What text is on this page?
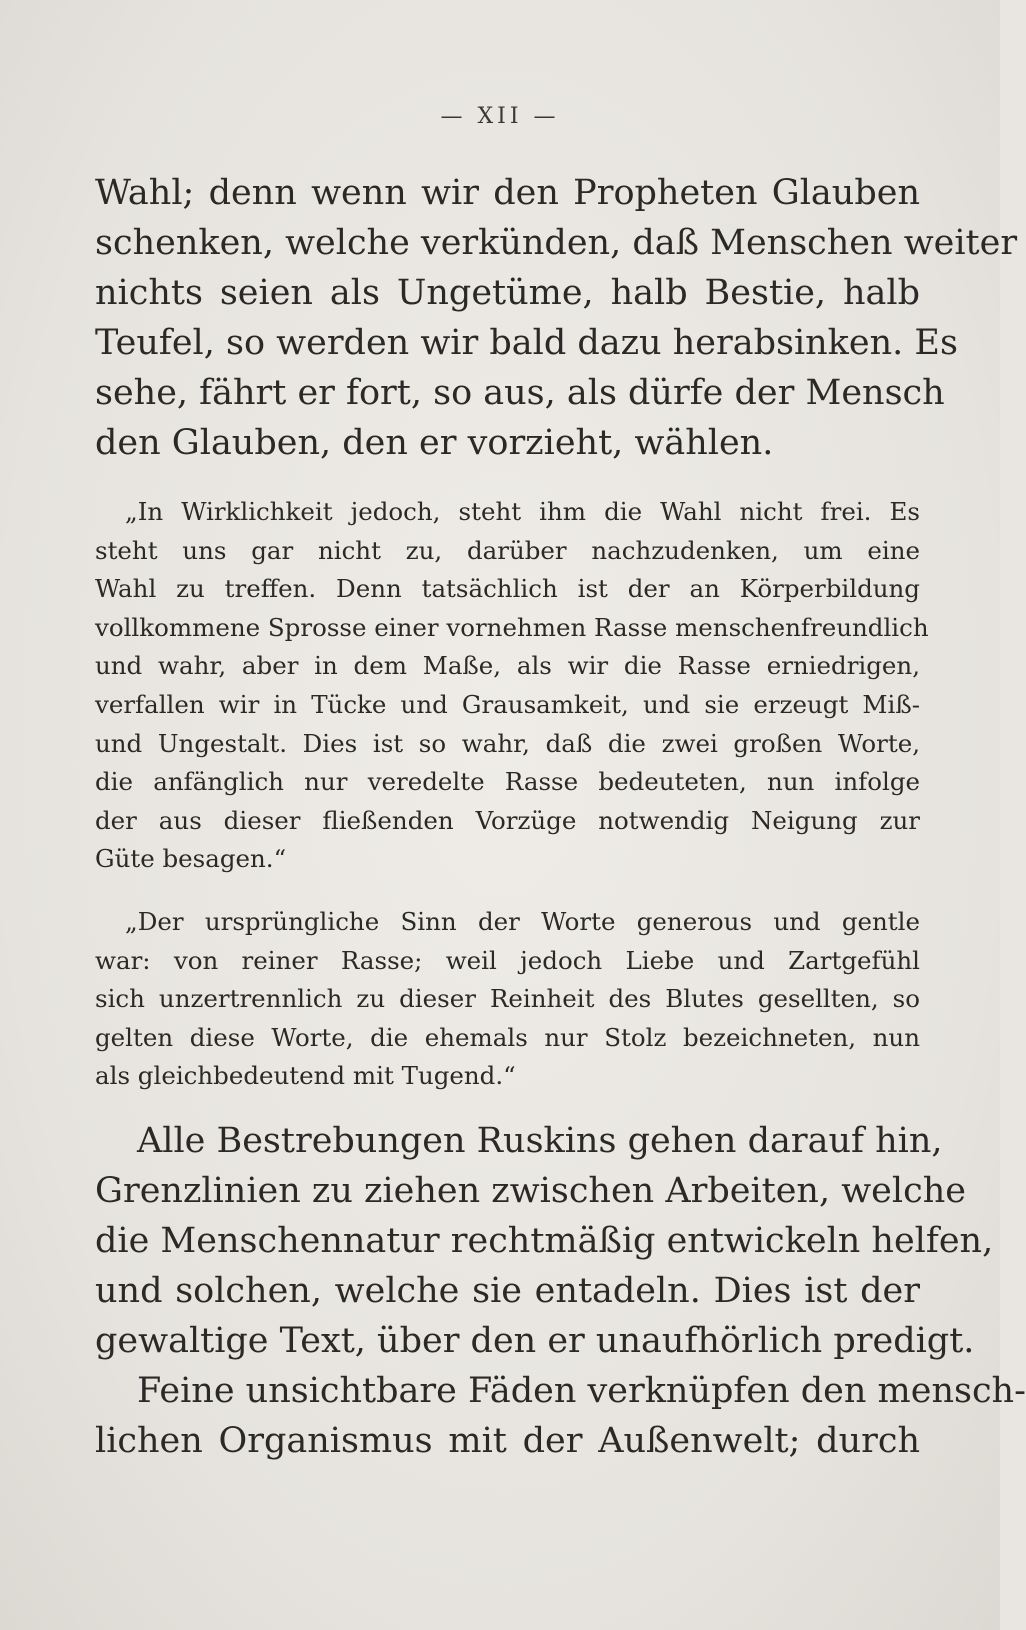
— XII —
Wahl; denn wenn wir den Propheten Glauben
schenken, welche verkünden, daß Menschen weiter
nichts seien als Ungetüme, halb Bestie, halb
Teufel, so werden wir bald dazu herabsinken. Es
sehe, fährt er fort, so aus, als dürfe der Mensch
den Glauben, den er vorzieht, wählen.
„In Wirklichkeit jedoch, steht ihm die Wahl nicht frei. Es
steht uns gar nicht zu, darüber nachzudenken, um eine
Wahl zu treffen. Denn tatsächlich ist der an Körperbildung
vollkommene Sprosse einer vornehmen Rasse menschenfreundlich
und wahr, aber in dem Maße, als wir die Rasse erniedrigen,
verfallen wir in Tücke und Grausamkeit, und sie erzeugt Miß-
und Ungestalt. Dies ist so wahr, daß die zwei großen Worte,
die anfänglich nur veredelte Rasse bedeuteten, nun infolge
der aus dieser fließenden Vorzüge notwendig Neigung zur
Güte besagen.“
„Der ursprüngliche Sinn der Worte generous und gentle
war: von reiner Rasse; weil jedoch Liebe und Zartgefühl
sich unzertrennlich zu dieser Reinheit des Blutes gesellten, so
gelten diese Worte, die ehemals nur Stolz bezeichneten, nun
als gleichbedeutend mit Tugend.“
Alle Bestrebungen Ruskins gehen darauf hin,
Grenzlinien zu ziehen zwischen Arbeiten, welche
die Menschennatur rechtmäßig entwickeln helfen,
und solchen, welche sie entadeln. Dies ist der
gewaltige Text, über den er unaufhörlich predigt.
Feine unsichtbare Fäden verknüpfen den mensch-
lichen Organismus mit der Außenwelt; durch
